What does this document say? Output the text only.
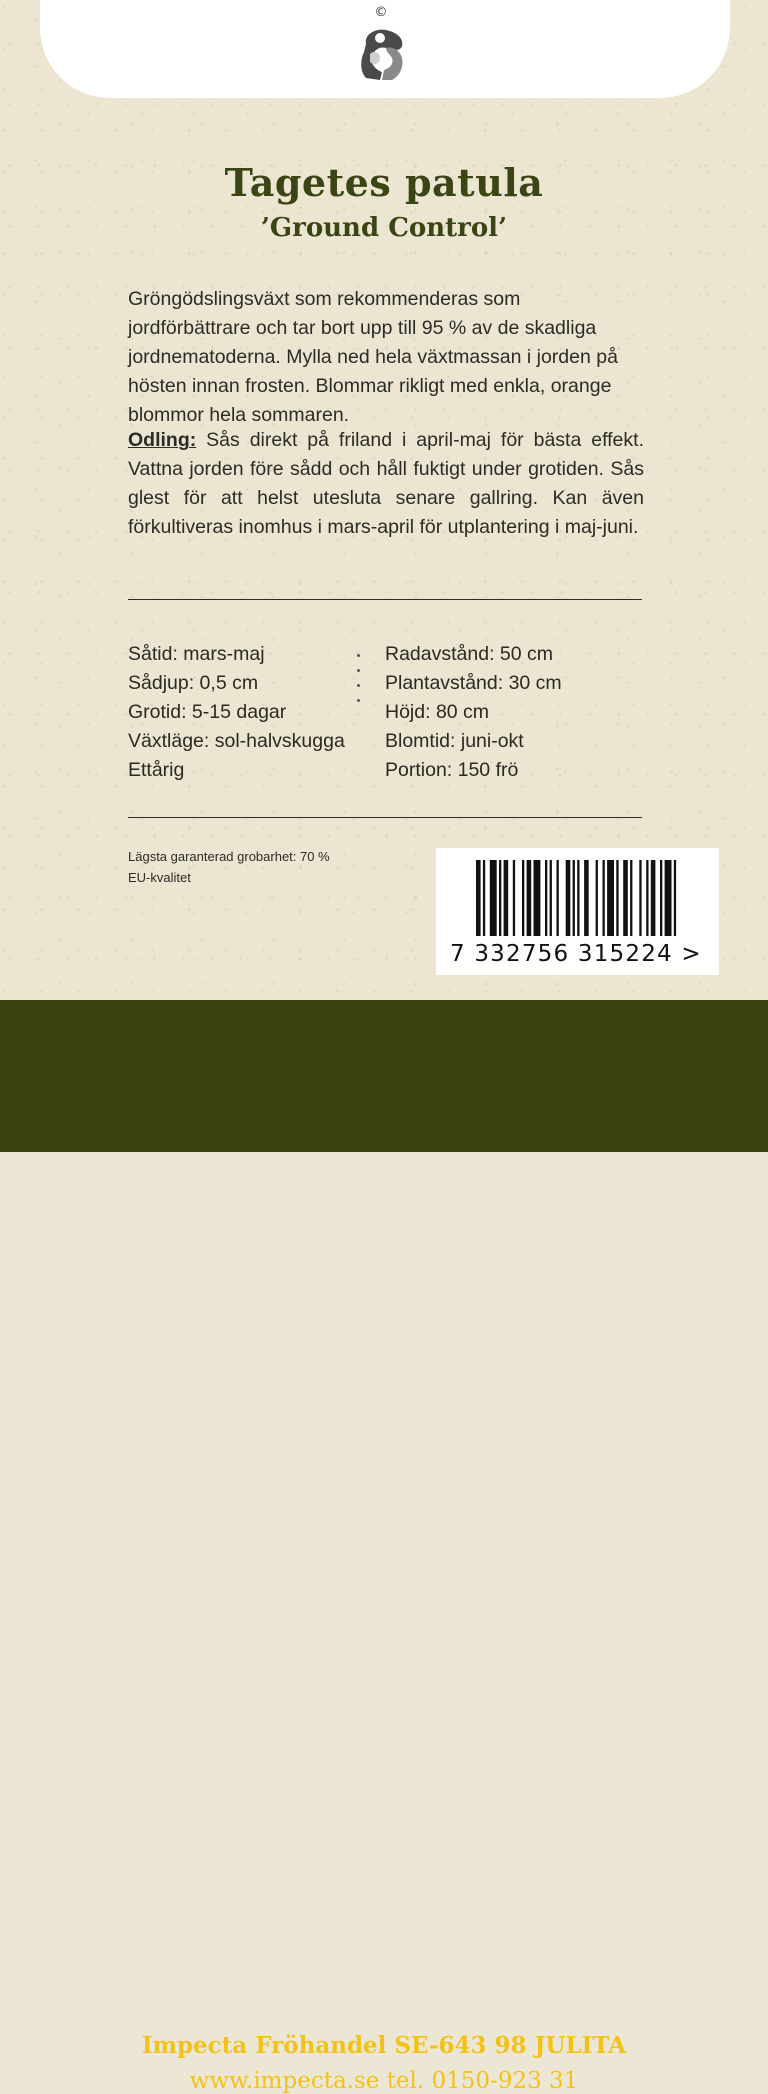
©
Tagetes patula
’Ground Control’
Gröngödslingsväxt som rekommenderas som jordförbättrare och tar bort upp till 95 % av de skadliga jordnematoderna. Mylla ned hela växtmassan i jorden på hösten innan frosten. Blommar rikligt med enkla, orange blommor hela sommaren.
Odling: Sås direkt på friland i april-maj för bästa effekt. Vattna jorden före sådd och håll fuktigt under grotiden. Sås glest för att helst utesluta senare gallring. Kan även förkultiveras inomhus i mars-april för utplantering i maj-juni.
Såtid: mars-maj
Sådjup: 0,5 cm
Grotid: 5-15 dagar
Växtläge: sol-halvskugga
Ettårig
Radavstånd: 50 cm
Plantavstånd: 30 cm
Höjd: 80 cm
Blomtid: juni-okt
Portion: 150 frö
Lägsta garanterad grobarhet: 70 %
EU-kvalitet
7 332756 315224 >
Impecta Fröhandel SE-643 98 JULITA
www.impecta.se tel. 0150-923 31
